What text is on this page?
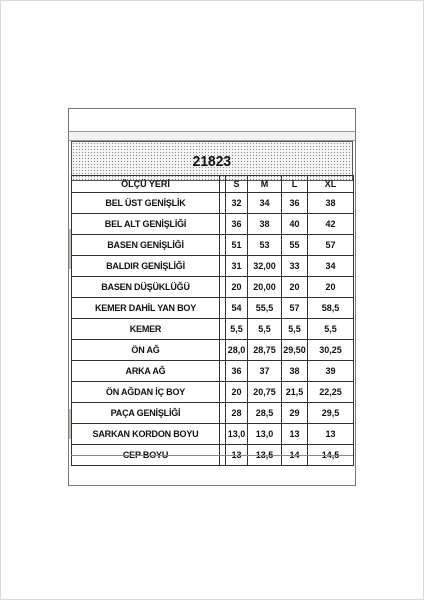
21823
ÖLÇÜ YERİ		S	M	L	XL
BEL ÜST GENİŞLİK		32	34	36	38
BEL ALT GENİŞLİĞİ		36	38	40	42
BASEN GENİŞLİĞİ		51	53	55	57
BALDIR GENİŞLİĞİ		31	32,00	33	34
BASEN DÜŞÜKLÜĞÜ		20	20,00	20	20
KEMER DAHİL YAN BOY		54	55,5	57	58,5
KEMER		5,5	5,5	5,5	5,5
ÖN AĞ		28,0	28,75	29,50	30,25
ARKA AĞ		36	37	38	39
ÖN AĞDAN İÇ BOY		20	20,75	21,5	22,25
PAÇA GENİŞLİĞİ		28	28,5	29	29,5
SARKAN KORDON BOYU		13,0	13,0	13	13
CEP BOYU		13	13,5	14	14,5
